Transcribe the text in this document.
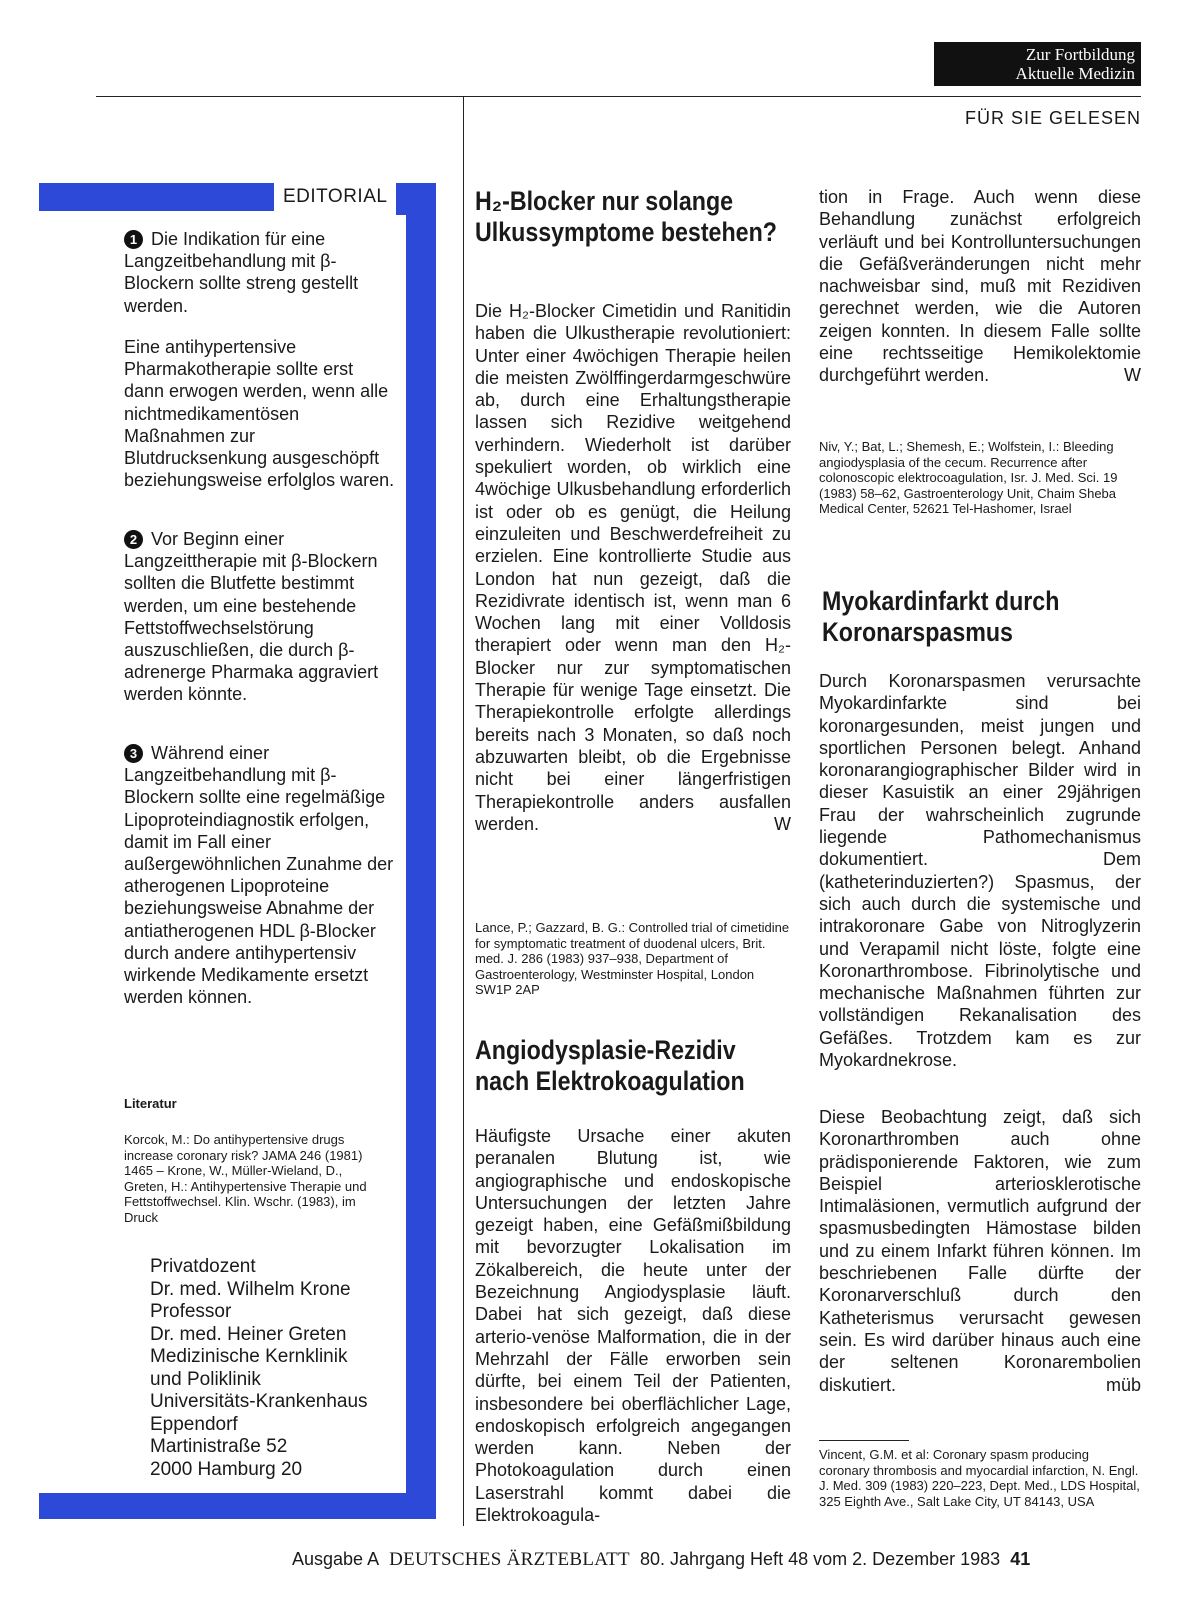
Zur Fortbildung
Aktuelle Medizin
FÜR SIE GELESEN
EDITORIAL
1 Die Indikation für eine Langzeitbehandlung mit β-Blockern sollte streng gestellt werden.
Eine antihypertensive Pharmakotherapie sollte erst dann erwogen werden, wenn alle nichtmedikamentösen Maßnahmen zur Blutdrucksenkung ausgeschöpft beziehungsweise erfolglos waren.
2 Vor Beginn einer Langzeittherapie mit β-Blockern sollten die Blutfette bestimmt werden, um eine bestehende Fettstoffwechselstörung auszuschließen, die durch β-adrenerge Pharmaka aggraviert werden könnte.
3 Während einer Langzeitbehandlung mit β-Blockern sollte eine regelmäßige Lipoproteindiagnostik erfolgen, damit im Fall einer außergewöhnlichen Zunahme der atherogenen Lipoproteine beziehungsweise Abnahme der antiatherogenen HDL β-Blocker durch andere antihypertensiv wirkende Medikamente ersetzt werden können.
Literatur
Korcok, M.: Do antihypertensive drugs increase coronary risk? JAMA 246 (1981) 1465 – Krone, W., Müller-Wieland, D., Greten, H.: Antihypertensive Therapie und Fettstoffwechsel. Klin. Wschr. (1983), im Druck
Privatdozent
Dr. med. Wilhelm Krone
Professor
Dr. med. Heiner Greten
Medizinische Kernklinik
und Poliklinik
Universitäts-Krankenhaus
Eppendorf
Martinistraße 52
2000 Hamburg 20
H₂-Blocker nur solange Ulkussymptome bestehen?
Die H₂-Blocker Cimetidin und Ranitidin haben die Ulkustherapie revolutioniert: Unter einer 4wöchigen Therapie heilen die meisten Zwölffingerdarmgeschwüre ab, durch eine Erhaltungstherapie lassen sich Rezidive weitgehend verhindern. Wiederholt ist darüber spekuliert worden, ob wirklich eine 4wöchige Ulkusbehandlung erforderlich ist oder ob es genügt, die Heilung einzuleiten und Beschwerdefreiheit zu erzielen. Eine kontrollierte Studie aus London hat nun gezeigt, daß die Rezidivrate identisch ist, wenn man 6 Wochen lang mit einer Volldosis therapiert oder wenn man den H₂-Blocker nur zur symptomatischen Therapie für wenige Tage einsetzt. Die Therapiekontrolle erfolgte allerdings bereits nach 3 Monaten, so daß noch abzuwarten bleibt, ob die Ergebnisse nicht bei einer längerfristigen Therapiekontrolle anders ausfallen werden.	W
Lance, P.; Gazzard, B. G.: Controlled trial of cimetidine for symptomatic treatment of duodenal ulcers, Brit. med. J. 286 (1983) 937–938, Department of Gastroenterology, Westminster Hospital, London SW1P 2AP
Angiodysplasie-Rezidiv nach Elektrokoagulation
Häufigste Ursache einer akuten peranalen Blutung ist, wie angiographische und endoskopische Untersuchungen der letzten Jahre gezeigt haben, eine Gefäßmißbildung mit bevorzugter Lokalisation im Zökalbereich, die heute unter der Bezeichnung Angiodysplasie läuft. Dabei hat sich gezeigt, daß diese arterio-venöse Malformation, die in der Mehrzahl der Fälle erworben sein dürfte, bei einem Teil der Patienten, insbesondere bei oberflächlicher Lage, endoskopisch erfolgreich angegangen werden kann. Neben der Photokoagulation durch einen Laserstrahl kommt dabei die Elektrokoagula-
tion in Frage. Auch wenn diese Behandlung zunächst erfolgreich verläuft und bei Kontrolluntersuchungen die Gefäßveränderungen nicht mehr nachweisbar sind, muß mit Rezidiven gerechnet werden, wie die Autoren zeigen konnten. In diesem Falle sollte eine rechtsseitige Hemikolektomie durchgeführt werden.	W
Niv, Y.; Bat, L.; Shemesh, E.; Wolfstein, I.: Bleeding angiodysplasia of the cecum. Recurrence after colonoscopic elektrocoagulation, Isr. J. Med. Sci. 19 (1983) 58–62, Gastroenterology Unit, Chaim Sheba Medical Center, 52621 Tel-Hashomer, Israel
Myokardinfarkt durch Koronarspasmus
Durch Koronarspasmen verursachte Myokardinfarkte sind bei koronargesunden, meist jungen und sportlichen Personen belegt. Anhand koronarangiographischer Bilder wird in dieser Kasuistik an einer 29jährigen Frau der wahrscheinlich zugrunde liegende Pathomechanismus dokumentiert. Dem (katheterinduzierten?) Spasmus, der sich auch durch die systemische und intrakoronare Gabe von Nitroglyzerin und Verapamil nicht löste, folgte eine Koronarthrombose. Fibrinolytische und mechanische Maßnahmen führten zur vollständigen Rekanalisation des Gefäßes. Trotzdem kam es zur Myokardnekrose.
Diese Beobachtung zeigt, daß sich Koronarthromben auch ohne prädisponierende Faktoren, wie zum Beispiel arteriosklerotische Intimaläsionen, vermutlich aufgrund der spasmusbedingten Hämostase bilden und zu einem Infarkt führen können. Im beschriebenen Falle dürfte der Koronarverschluß durch den Katheterismus verursacht gewesen sein. Es wird darüber hinaus auch eine der seltenen Koronarembolien diskutiert.	müb
Vincent, G.M. et al: Coronary spasm producing coronary thrombosis and myocardial infarction, N. Engl. J. Med. 309 (1983) 220–223, Dept. Med., LDS Hospital, 325 Eighth Ave., Salt Lake City, UT 84143, USA
Ausgabe A DEUTSCHES ÄRZTEBLATT 80. Jahrgang Heft 48 vom 2. Dezember 1983 41
